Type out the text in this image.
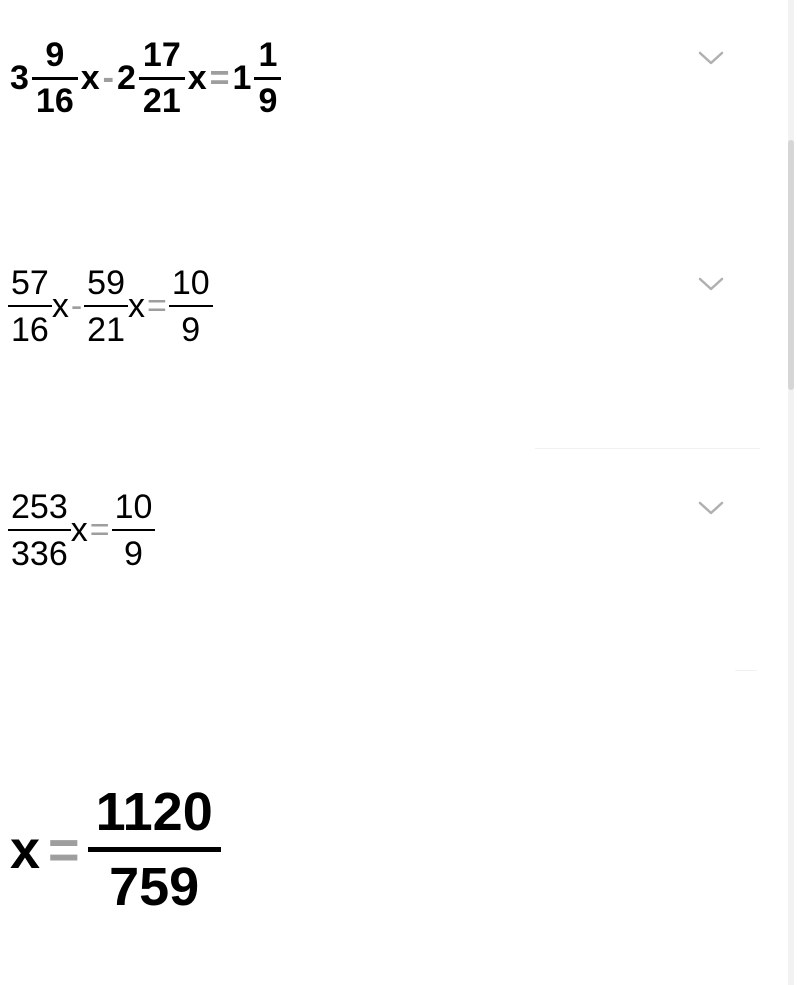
$3 \frac{9}{16}$ x - $2 \frac{17}{21}$ $x = 1 \frac{1}{9}$
$\frac{57}{16}$ x - $\frac{59}{21}$ $x = \frac{10}{9}$
$\frac{253}{336}$ $x = \frac{10}{9}$
x =
1120
759
